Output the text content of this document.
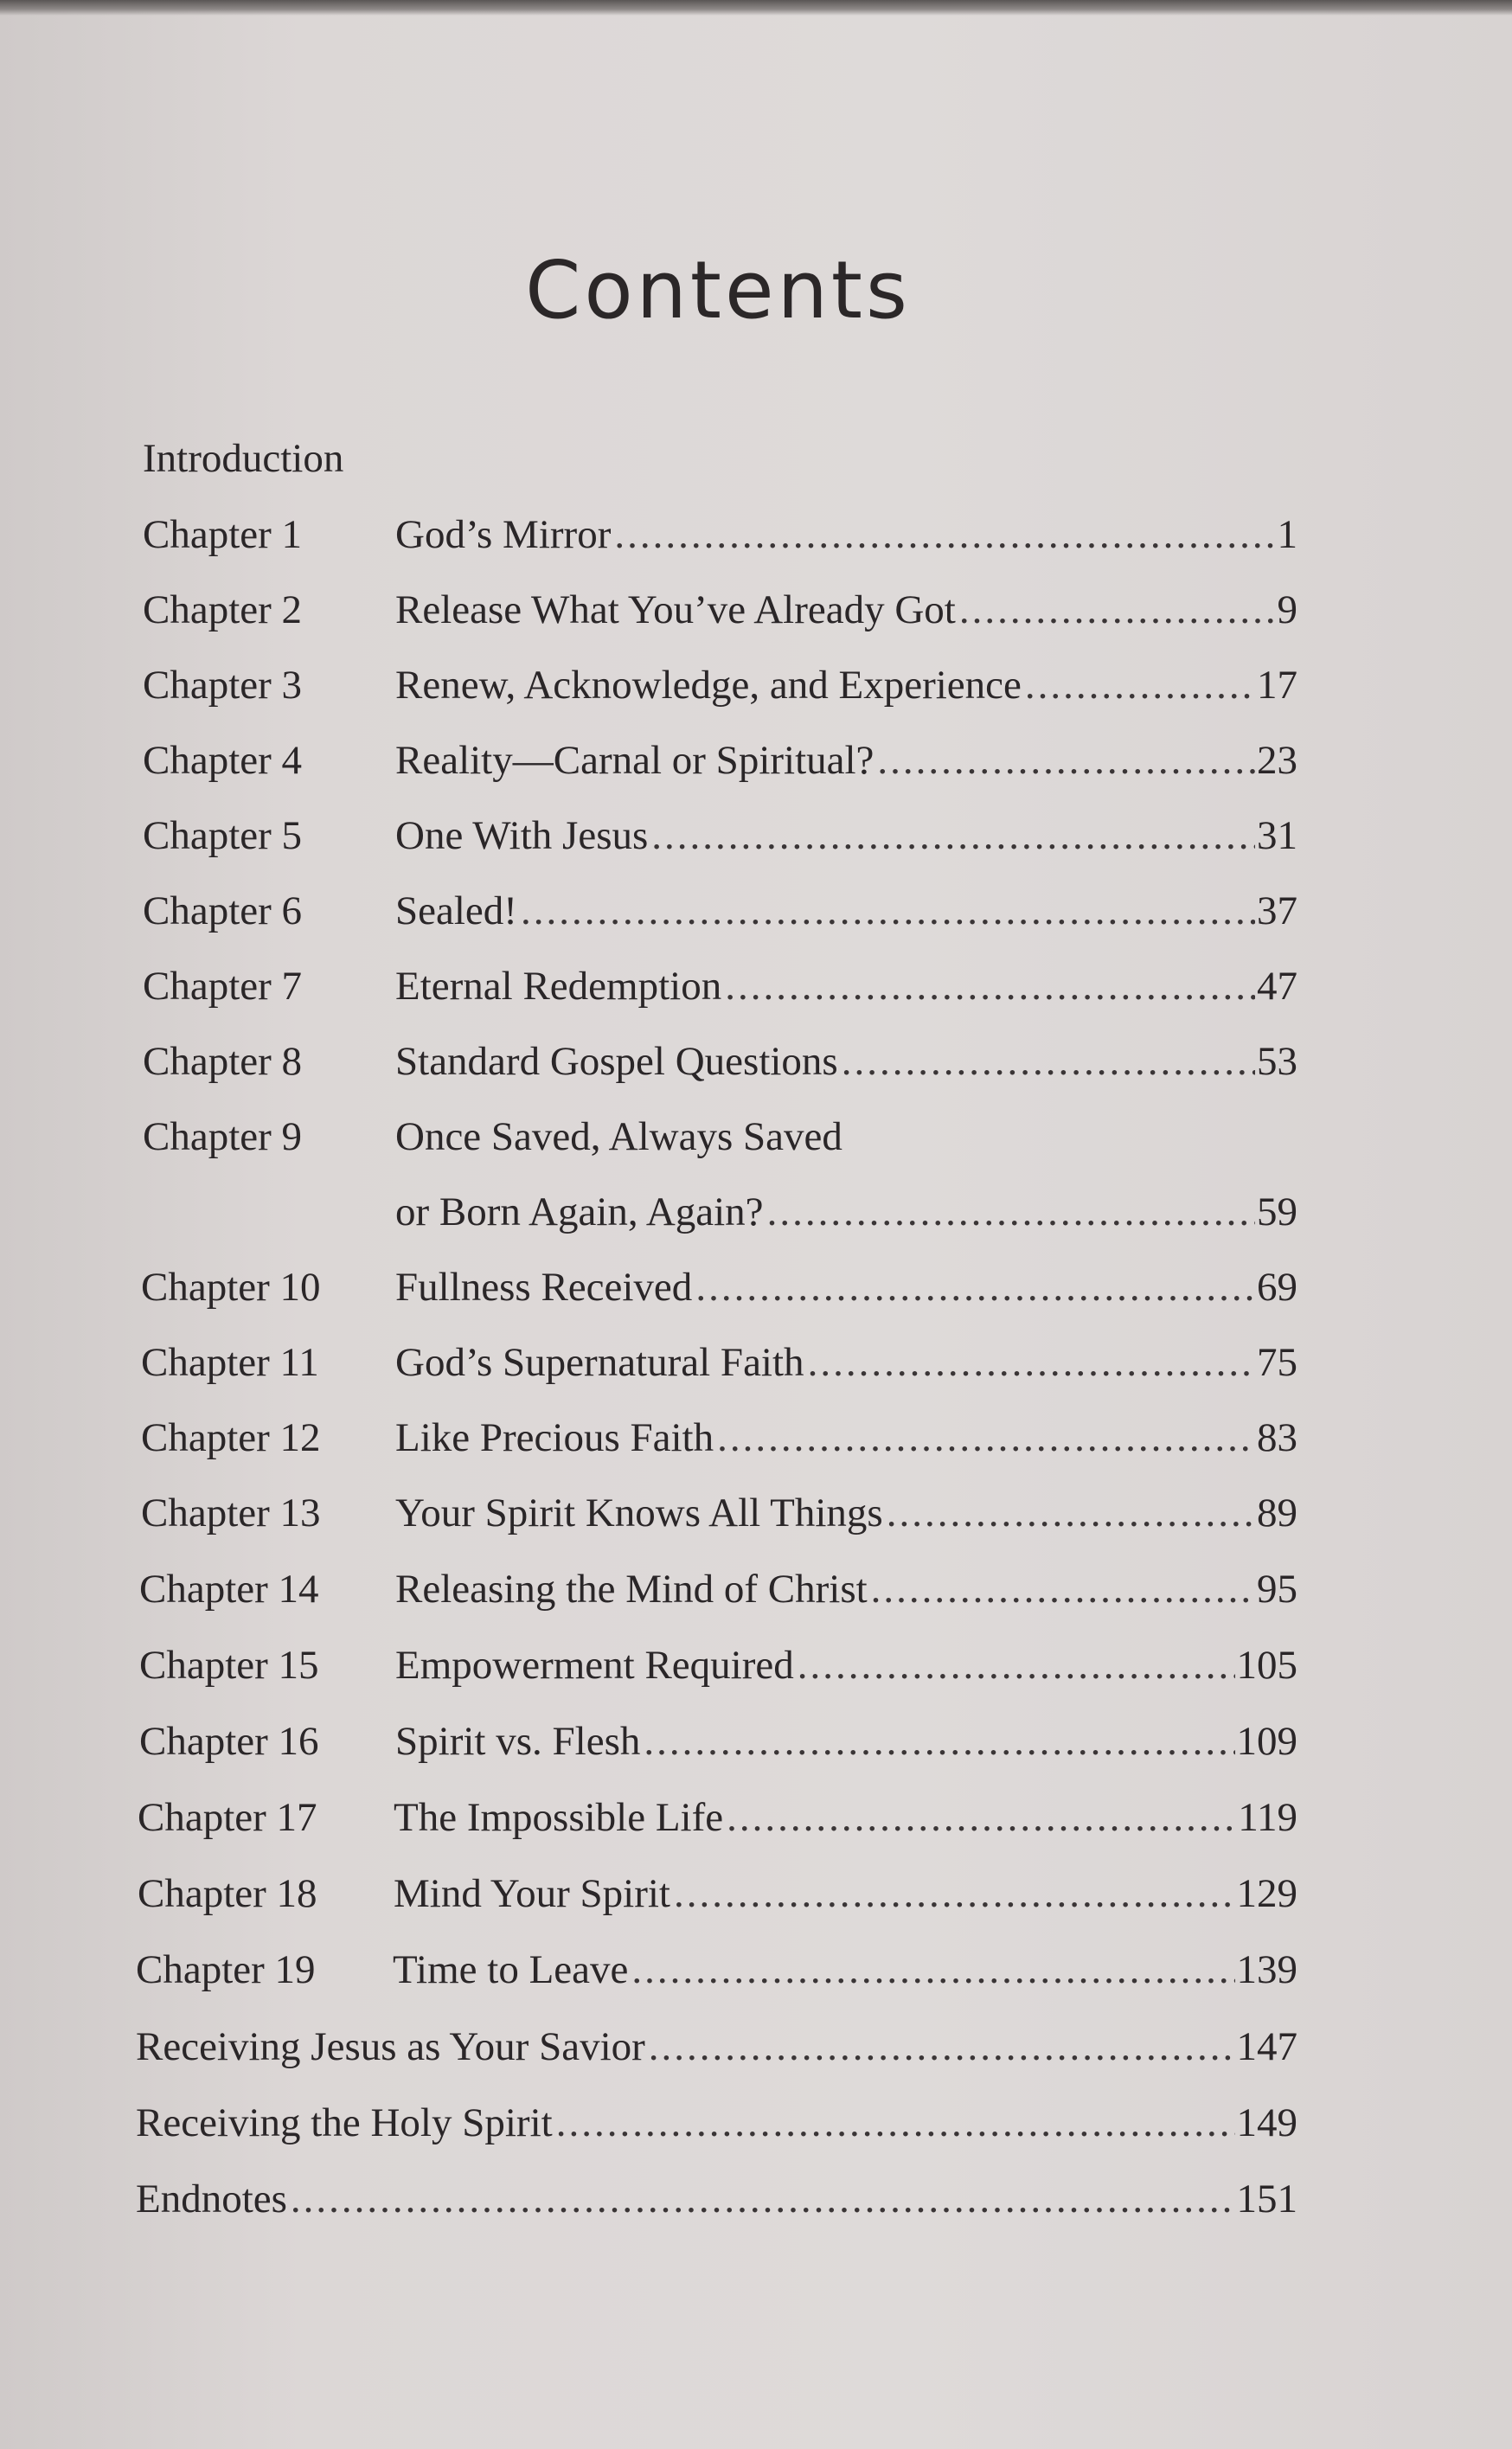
Contents
Introduction
Chapter 1 God’s Mirror .....	1
Chapter 2 Release What You’ve Already Got .....	9
Chapter 3 Renew, Acknowledge, and Experience .....	17
Chapter 4 Reality—Carnal or Spiritual? .....	23
Chapter 5 One With Jesus .....	31
Chapter 6 Sealed! .....	37
Chapter 7 Eternal Redemption .....	47
Chapter 8 Standard Gospel Questions .....	53
Chapter 9 Once Saved, Always Saved
or Born Again, Again? .....	59
Chapter 10 Fullness Received .....	69
Chapter 11 God’s Supernatural Faith .....	75
Chapter 12 Like Precious Faith .....	83
Chapter 13 Your Spirit Knows All Things .....	89
Chapter 14 Releasing the Mind of Christ .....	95
Chapter 15 Empowerment Required .....	105
Chapter 16 Spirit vs. Flesh .....	109
Chapter 17 The Impossible Life .....	119
Chapter 18 Mind Your Spirit .....	129
Chapter 19 Time to Leave .....	139
Receiving Jesus as Your Savior .....	147
Receiving the Holy Spirit .....	149
Endnotes .....	151
